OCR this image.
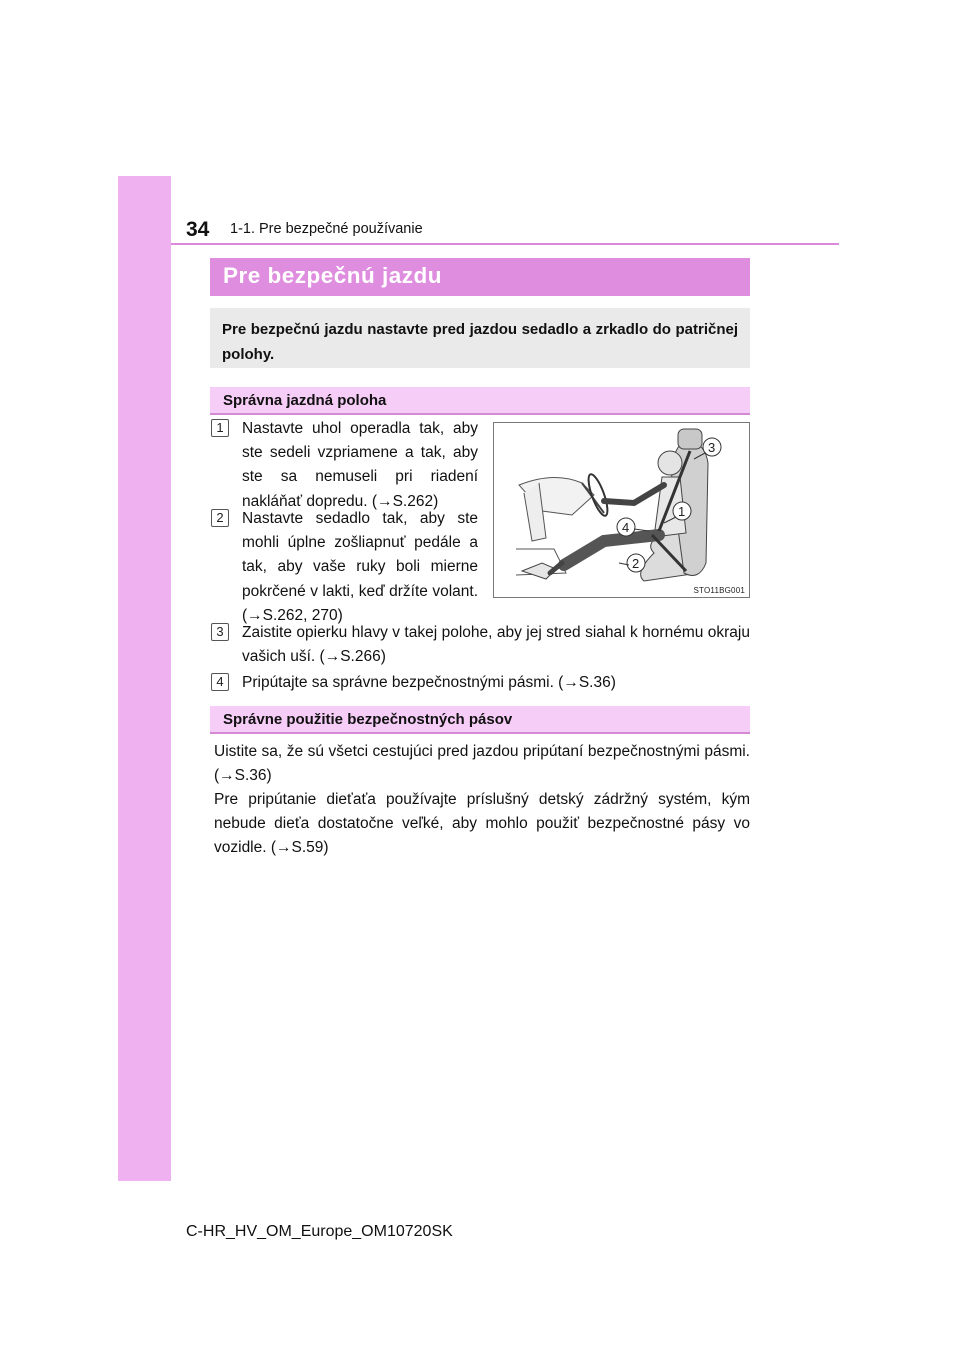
34 1-1. Pre bezpečné používanie
Pre bezpečnú jazdu

Pre bezpečnú jazdu nastavte pred jazdou sedadlo a zrkadlo do patričnej polohy.

Správna jazdná poloha
1	Nastavte uhol operadla tak, aby ste sedeli vzpriamene a tak, aby ste sa nemuseli pri riadení nakláňať dopredu. (→S.262)

2	Nastavte sedadlo tak, aby ste mohli úplne zošliapnuť pedále a tak, aby vaše ruky boli mierne pokrčené v lakti, keď držíte volant. (→S.262, 270)

3
1
4
2
STO11BG001
3	Zaistite opierku hlavy v takej polohe, aby jej stred siahal k hornému okraju vašich uší. (→S.266)

4	Pripútajte sa správne bezpečnostnými pásmi. (→S.36)

Správne použitie bezpečnostných pásov

Uistite sa, že sú všetci cestujúci pred jazdou pripútaní bezpečnostnými pásmi. (→S.36)

Pre pripútanie dieťaťa používajte príslušný detský zádržný systém, kým nebude dieťa dostatočne veľké, aby mohlo použiť bezpečnostné pásy vo vozidle. (→S.59)

C-HR_HV_OM_Europe_OM10720SK
